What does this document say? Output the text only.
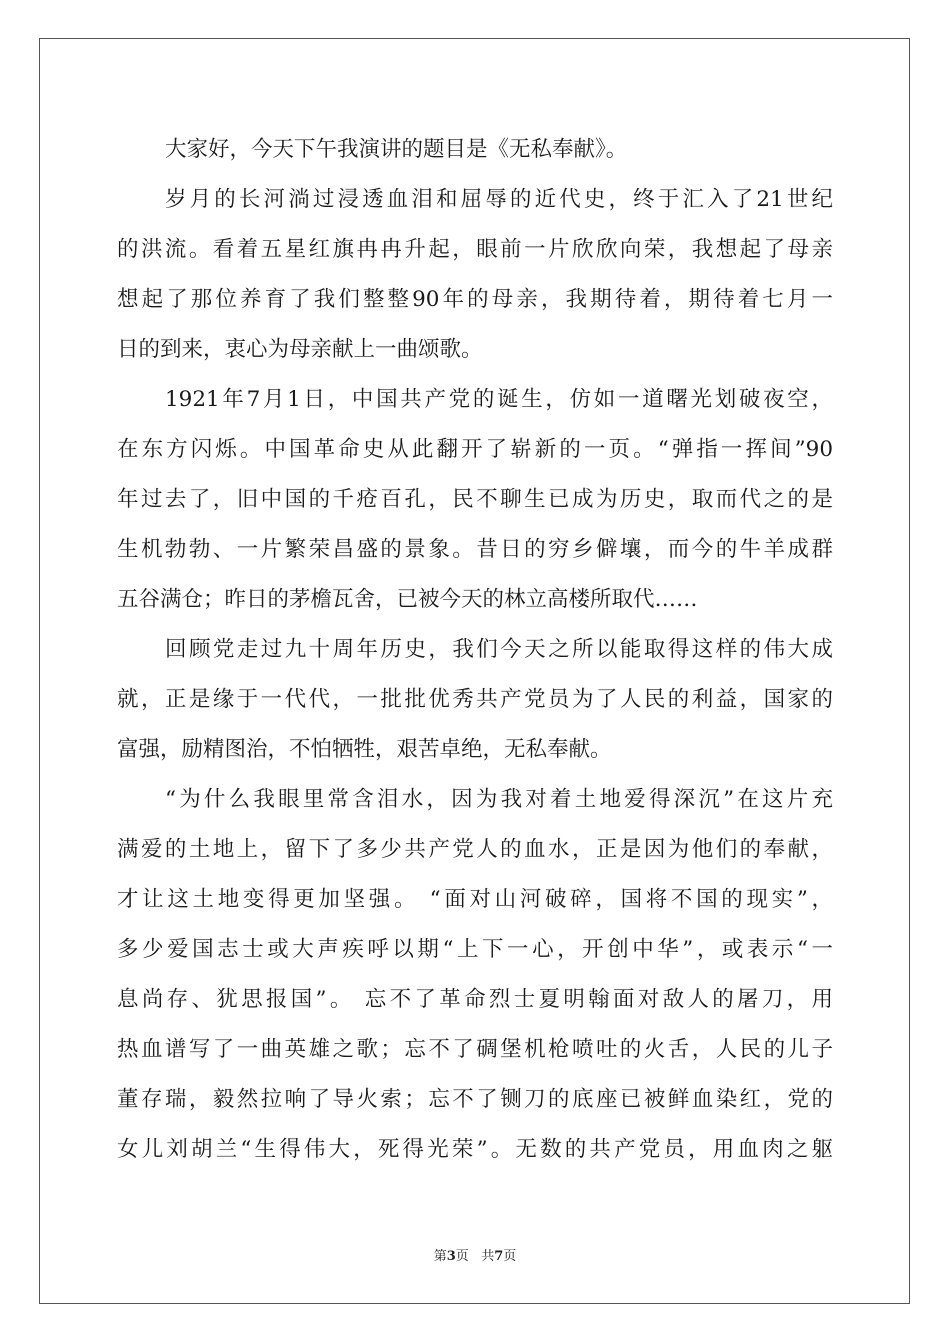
大家好，今天下午我演讲的题目是《无私奉献》。
岁月的长河淌过浸透血泪和屈辱的近代史，终于汇入了21世纪
的洪流。看着五星红旗冉冉升起，眼前一片欣欣向荣，我想起了母亲
想起了那位养育了我们整整90年的母亲，我期待着，期待着七月一
日的到来，衷心为母亲献上一曲颂歌。
1921年7月1日，中国共产党的诞生，仿如一道曙光划破夜空，
在东方闪烁。中国革命史从此翻开了崭新的一页。“弹指一挥间”90
年过去了，旧中国的千疮百孔，民不聊生已成为历史，取而代之的是
生机勃勃、一片繁荣昌盛的景象。昔日的穷乡僻壤，而今的牛羊成群
五谷满仓；昨日的茅檐瓦舍，已被今天的林立高楼所取代……
回顾党走过九十周年历史，我们今天之所以能取得这样的伟大成
就，正是缘于一代代，一批批优秀共产党员为了人民的利益，国家的
富强，励精图治，不怕牺牲，艰苦卓绝，无私奉献。
“为什么我眼里常含泪水，因为我对着土地爱得深沉”在这片充
满爱的土地上，留下了多少共产党人的血水，正是因为他们的奉献，
才让这土地变得更加坚强。 “面对山河破碎，国将不国的现实”，
多少爱国志士或大声疾呼以期“上下一心，开创中华”，或表示“一
息尚存、犹思报国”。 忘不了革命烈士夏明翰面对敌人的屠刀，用
热血谱写了一曲英雄之歌；忘不了碉堡机枪喷吐的火舌，人民的儿子
董存瑞，毅然拉响了导火索；忘不了铡刀的底座已被鲜血染红，党的
女儿刘胡兰“生得伟大，死得光荣”。无数的共产党员，用血肉之躯
第3页 共7页
